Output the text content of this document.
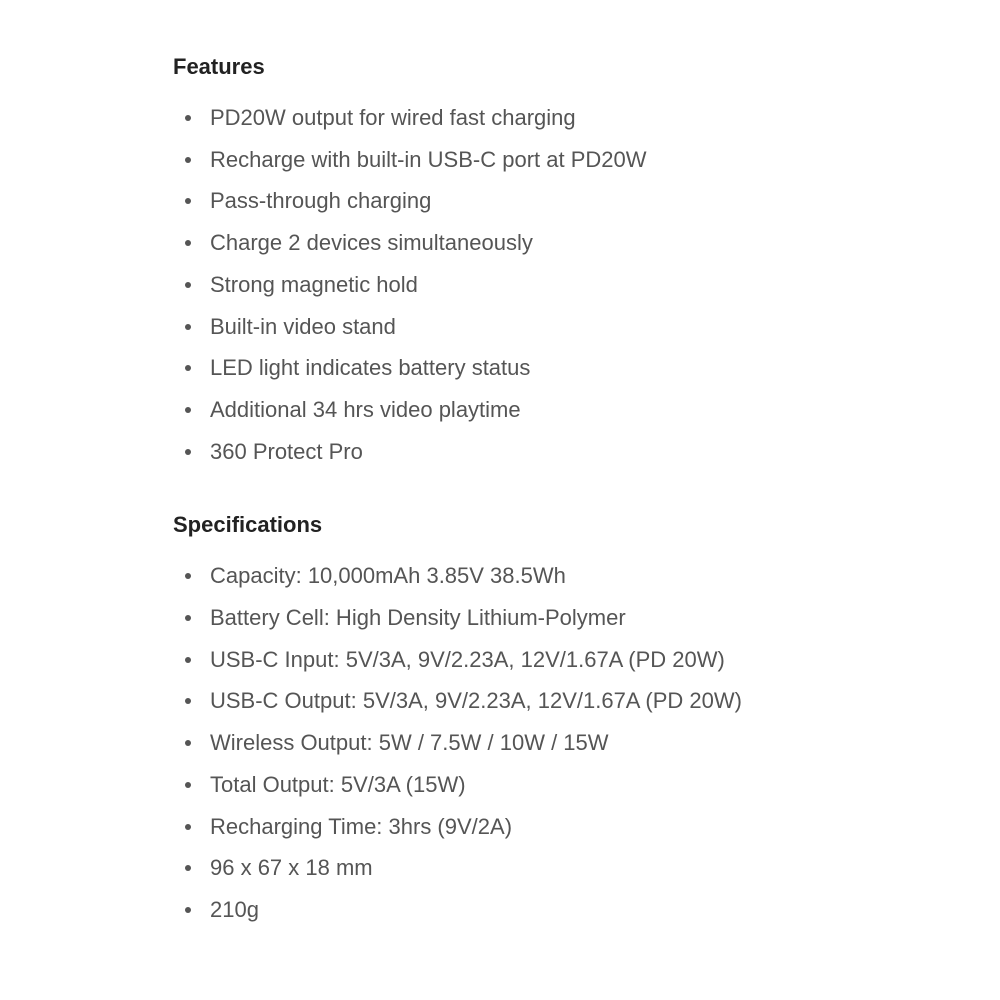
Features
PD20W output for wired fast charging
Recharge with built-in USB-C port at PD20W
Pass-through charging
Charge 2 devices simultaneously
Strong magnetic hold
Built-in video stand
LED light indicates battery status
Additional 34 hrs video playtime
360 Protect Pro
Specifications
Capacity: 10,000mAh 3.85V 38.5Wh
Battery Cell: High Density Lithium-Polymer
USB-C Input: 5V/3A, 9V/2.23A, 12V/1.67A (PD 20W)
USB-C Output: 5V/3A, 9V/2.23A, 12V/1.67A (PD 20W)
Wireless Output: 5W / 7.5W / 10W / 15W
Total Output: 5V/3A (15W)
Recharging Time: 3hrs (9V/2A)
96 x 67 x 18 mm
210g
